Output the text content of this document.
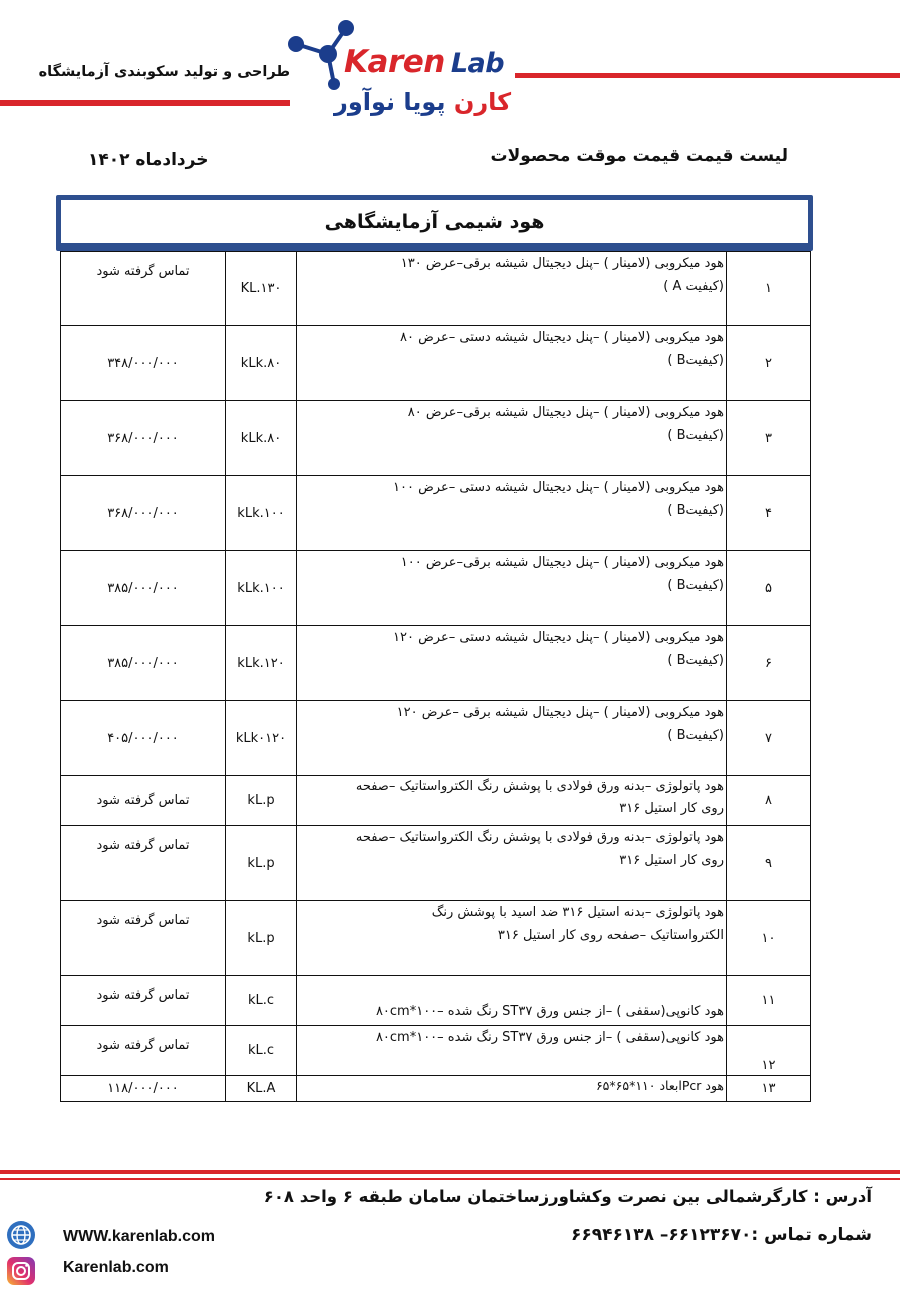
طراحی و تولید سکوبندی آزمایشگاه Karen Lab
کارن پویا نوآور
لیست قیمت قیمت موقت محصولات
خردادماه ۱۴۰۲
هود شیمی آزمایشگاهی
۱	هود میکروبی (لامینار ) –پنل دیجیتال شیشه برقی–عرض ۱۳۰
(کیفیت A )	KL.۱۳۰	تماس گرفته شود
۲	هود میکروبی (لامینار ) –پنل دیجیتال شیشه دستی –عرض ۸۰
(کیفیتB )	kLk.۸۰	۳۴۸/۰۰۰/۰۰۰
۳	هود میکروبی (لامینار ) –پنل دیجیتال شیشه برقی–عرض ۸۰
(کیفیتB )	kLk.۸۰	۳۶۸/۰۰۰/۰۰۰
۴	هود میکروبی (لامینار ) –پنل دیجیتال شیشه دستی –عرض ۱۰۰
(کیفیتB )	kLk.۱۰۰	۳۶۸/۰۰۰/۰۰۰
۵	هود میکروبی (لامینار ) –پنل دیجیتال شیشه برقی–عرض ۱۰۰
(کیفیتB )	kLk.۱۰۰	۳۸۵/۰۰۰/۰۰۰
۶	هود میکروبی (لامینار ) –پنل دیجیتال شیشه دستی –عرض ۱۲۰
(کیفیتB )	kLk.۱۲۰	۳۸۵/۰۰۰/۰۰۰
۷	هود میکروبی (لامینار ) –پنل دیجیتال شیشه برقی –عرض ۱۲۰
(کیفیتB )	kLk۰۱۲۰	۴۰۵/۰۰۰/۰۰۰
۸	هود پاتولوژی –بدنه ورق فولادی با پوشش رنگ الکترواستاتیک –صفحه
روی کار استیل ۳۱۶	kL.p	تماس گرفته شود
۹	هود پاتولوژی –بدنه ورق فولادی با پوشش رنگ الکترواستاتیک –صفحه
روی کار استیل ۳۱۶	kL.p	تماس گرفته شود
۱۰	هود پاتولوژی –بدنه استیل ۳۱۶ ضد اسید با پوشش رنگ
الکترواستاتیک –صفحه روی کار استیل ۳۱۶	kL.p	تماس گرفته شود
۱۱	هود کانوپی(سقفی ) –از جنس ورق ST۳۷ رنگ شده –۱۰۰*۸۰cm	kL.c	تماس گرفته شود
۱۲	هود کانوپی(سقفی ) –از جنس ورق ST۳۷ رنگ شده –۱۰۰*۸۰cm	kL.c	تماس گرفته شود
۱۳	هود Pcrابعاد ۱۱۰*۶۵*۶۵	KL.A	۱۱۸/۰۰۰/۰۰۰
آدرس : کارگرشمالی بین نصرت وکشاورزساختمان سامان طبقه ۶ واحد ۶۰۸
شماره تماس :۶۶۱۲۳۶۷۰– ۶۶۹۴۶۱۳۸
WWW.karenlab.com
Karenlab.com
